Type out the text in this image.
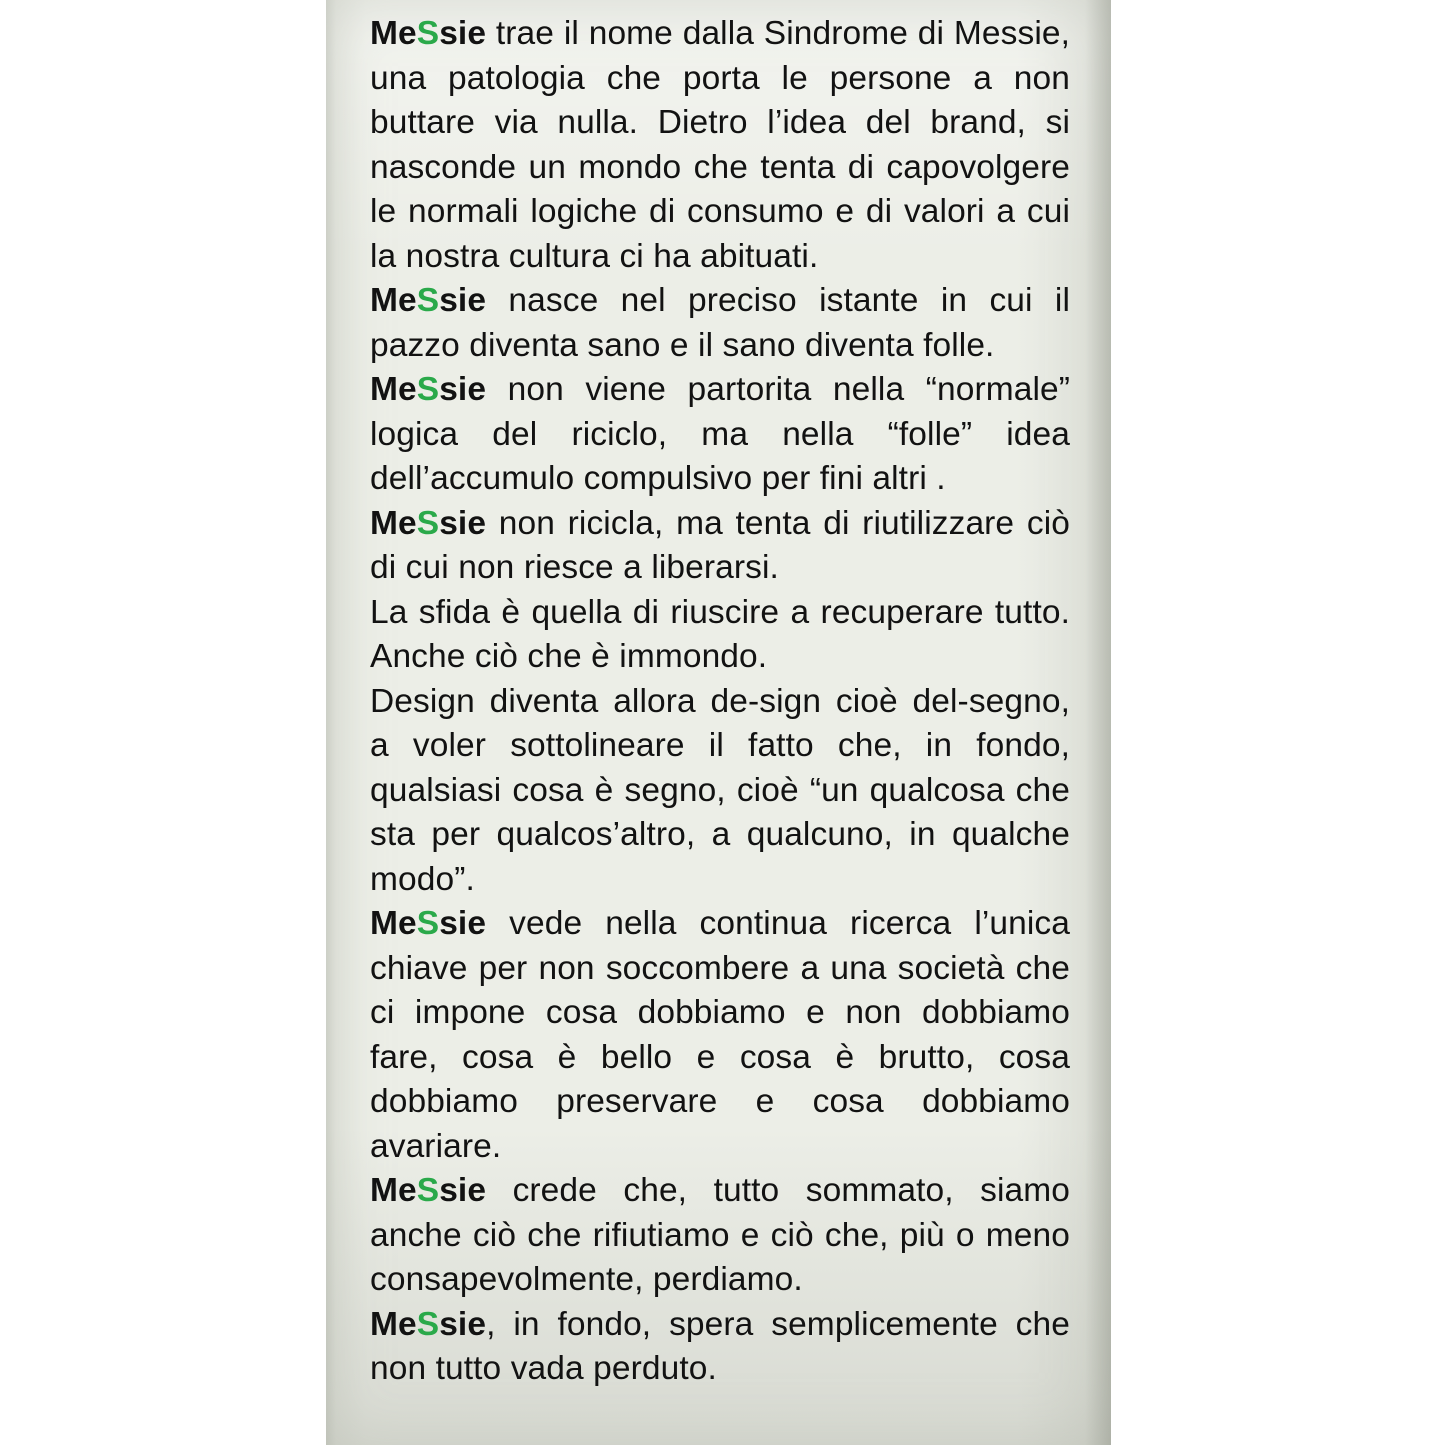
MeSsie trae il nome dalla Sindrome di Messie, una patologia che porta le persone a non buttare via nulla. Dietro l’idea del brand, si nasconde un mondo che tenta di capovolgere le normali logiche di consumo e di valori a cui la nostra cultura ci ha abituati.

MeSsie nasce nel preciso istante in cui il pazzo diventa sano e il sano diventa folle.

MeSsie non viene partorita nella “normale” logica del riciclo, ma nella “folle” idea dell’accumulo compulsivo per fini altri .

MeSsie non ricicla, ma tenta di riutilizzare ciò di cui non riesce a liberarsi.

La sfida è quella di riuscire a recuperare tutto. Anche ciò che è immondo.

Design diventa allora de-sign cioè del-segno, a voler sottolineare il fatto che, in fondo, qualsiasi cosa è segno, cioè “un qualcosa che sta per qualcos’altro, a qualcuno, in qualche modo”.

MeSsie vede nella continua ricerca l’unica chiave per non soccombere a una società che ci impone cosa dobbiamo e non dobbiamo fare, cosa è bello e cosa è brutto, cosa dobbiamo preservare e cosa dobbiamo avariare.

MeSsie crede che, tutto sommato, siamo anche ciò che rifiutiamo e ciò che, più o meno consapevolmente, perdiamo.

MeSsie, in fondo, spera semplicemente che non tutto vada perduto.
